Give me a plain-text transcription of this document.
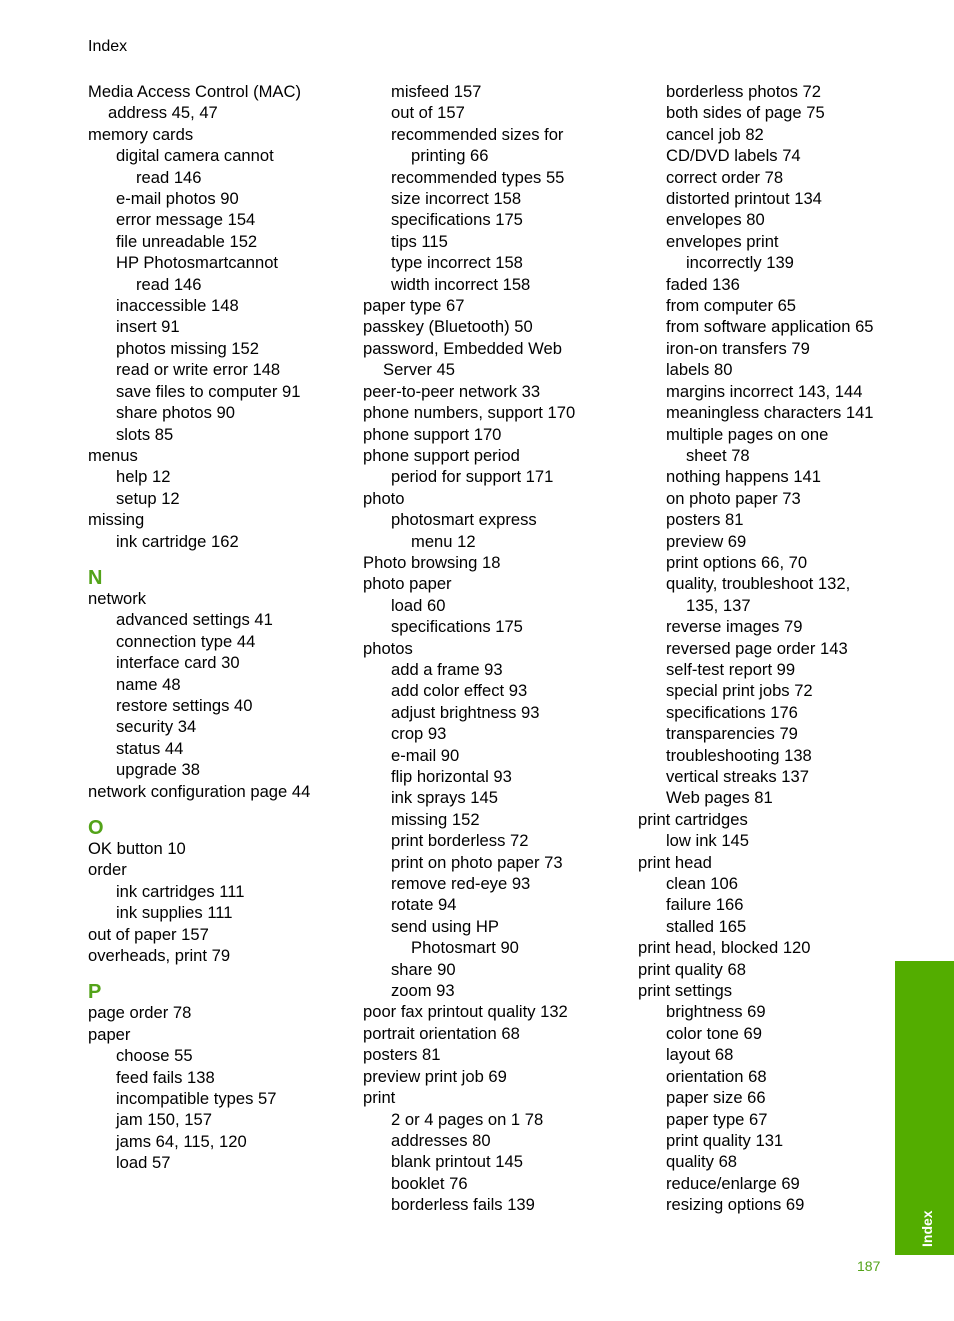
Index
Media Access Control (MAC)
address 45, 47
memory cards
digital camera cannot
read 146
e-mail photos 90
error message 154
file unreadable 152
HP Photosmartcannot
read 146
inaccessible 148
insert 91
photos missing 152
read or write error 148
save files to computer 91
share photos 90
slots 85
menus
help 12
setup 12
missing
ink cartridge 162
N
network
advanced settings 41
connection type 44
interface card 30
name 48
restore settings 40
security 34
status 44
upgrade 38
network configuration page 44
O
OK button 10
order
ink cartridges 111
ink supplies 111
out of paper 157
overheads, print 79
P
page order 78
paper
choose 55
feed fails 138
incompatible types 57
jam 150, 157
jams 64, 115, 120
load 57
misfeed 157
out of 157
recommended sizes for
printing 66
recommended types 55
size incorrect 158
specifications 175
tips 115
type incorrect 158
width incorrect 158
paper type 67
passkey (Bluetooth) 50
password, Embedded Web
Server 45
peer-to-peer network 33
phone numbers, support 170
phone support 170
phone support period
period for support 171
photo
photosmart express
menu 12
Photo browsing 18
photo paper
load 60
specifications 175
photos
add a frame 93
add color effect 93
adjust brightness 93
crop 93
e-mail 90
flip horizontal 93
ink sprays 145
missing 152
print borderless 72
print on photo paper 73
remove red-eye 93
rotate 94
send using HP
Photosmart 90
share 90
zoom 93
poor fax printout quality 132
portrait orientation 68
posters 81
preview print job 69
print
2 or 4 pages on 1 78
addresses 80
blank printout 145
booklet 76
borderless fails 139
borderless photos 72
both sides of page 75
cancel job 82
CD/DVD labels 74
correct order 78
distorted printout 134
envelopes 80
envelopes print
incorrectly 139
faded 136
from computer 65
from software application 65
iron-on transfers 79
labels 80
margins incorrect 143, 144
meaningless characters 141
multiple pages on one
sheet 78
nothing happens 141
on photo paper 73
posters 81
preview 69
print options 66, 70
quality, troubleshoot 132,
135, 137
reverse images 79
reversed page order 143
self-test report 99
special print jobs 72
specifications 176
transparencies 79
troubleshooting 138
vertical streaks 137
Web pages 81
print cartridges
low ink 145
print head
clean 106
failure 166
stalled 165
print head, blocked 120
print quality 68
print settings
brightness 69
color tone 69
layout 68
orientation 68
paper size 66
paper type 67
print quality 131
quality 68
reduce/enlarge 69
resizing options 69
Index
187
